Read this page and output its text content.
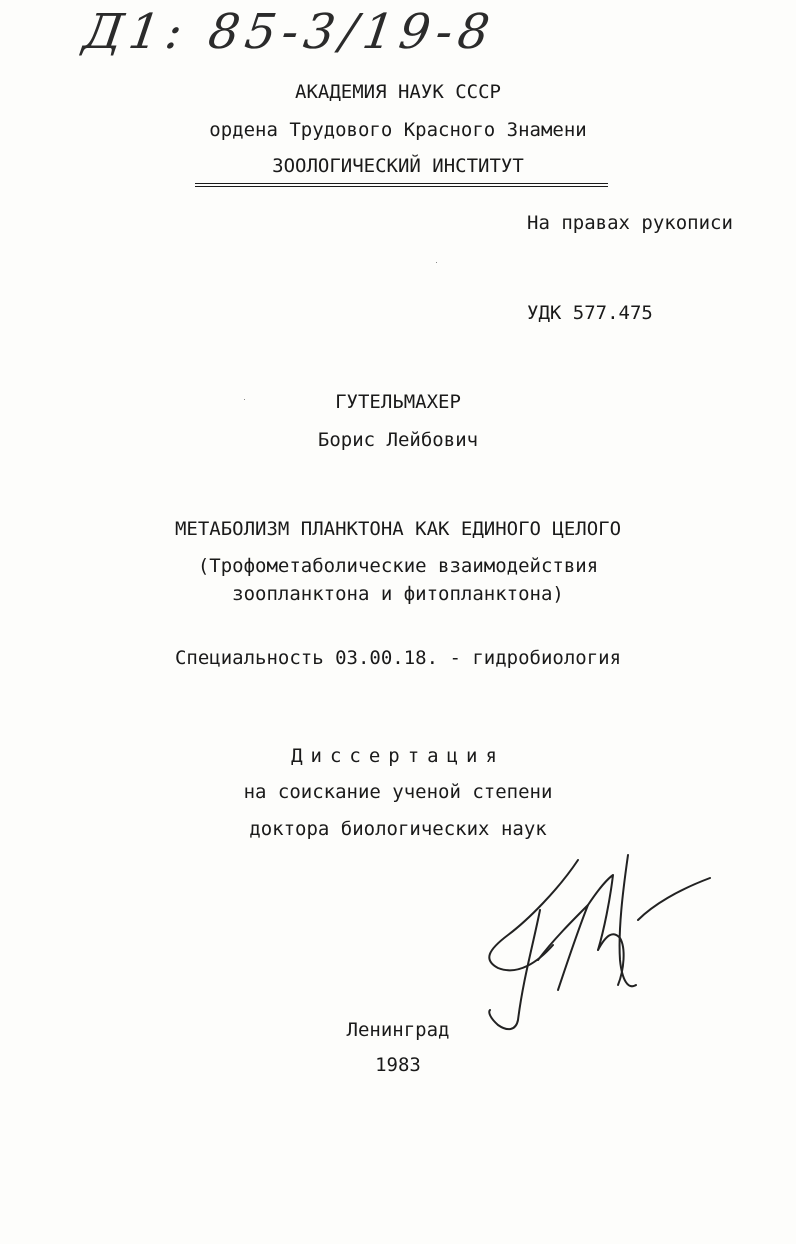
Д1: 85-3/19-8
АКАДЕМИЯ НАУК СССР
ордена Трудового Красного Знамени
ЗООЛОГИЧЕСКИЙ ИНСТИТУТ
На правах рукописи
УДК 577.475
ГУТЕЛЬМАХЕР
Борис Лейбович
МЕТАБОЛИЗМ ПЛАНКТОНА КАК ЕДИНОГО ЦЕЛОГО
(Трофометаболические взаимодействия
зоопланктона и фитопланктона)
Специальность 03.00.18. - гидробиология
Диссертация
на соискание ученой степени
доктора биологических наук
Ленинград
1983
